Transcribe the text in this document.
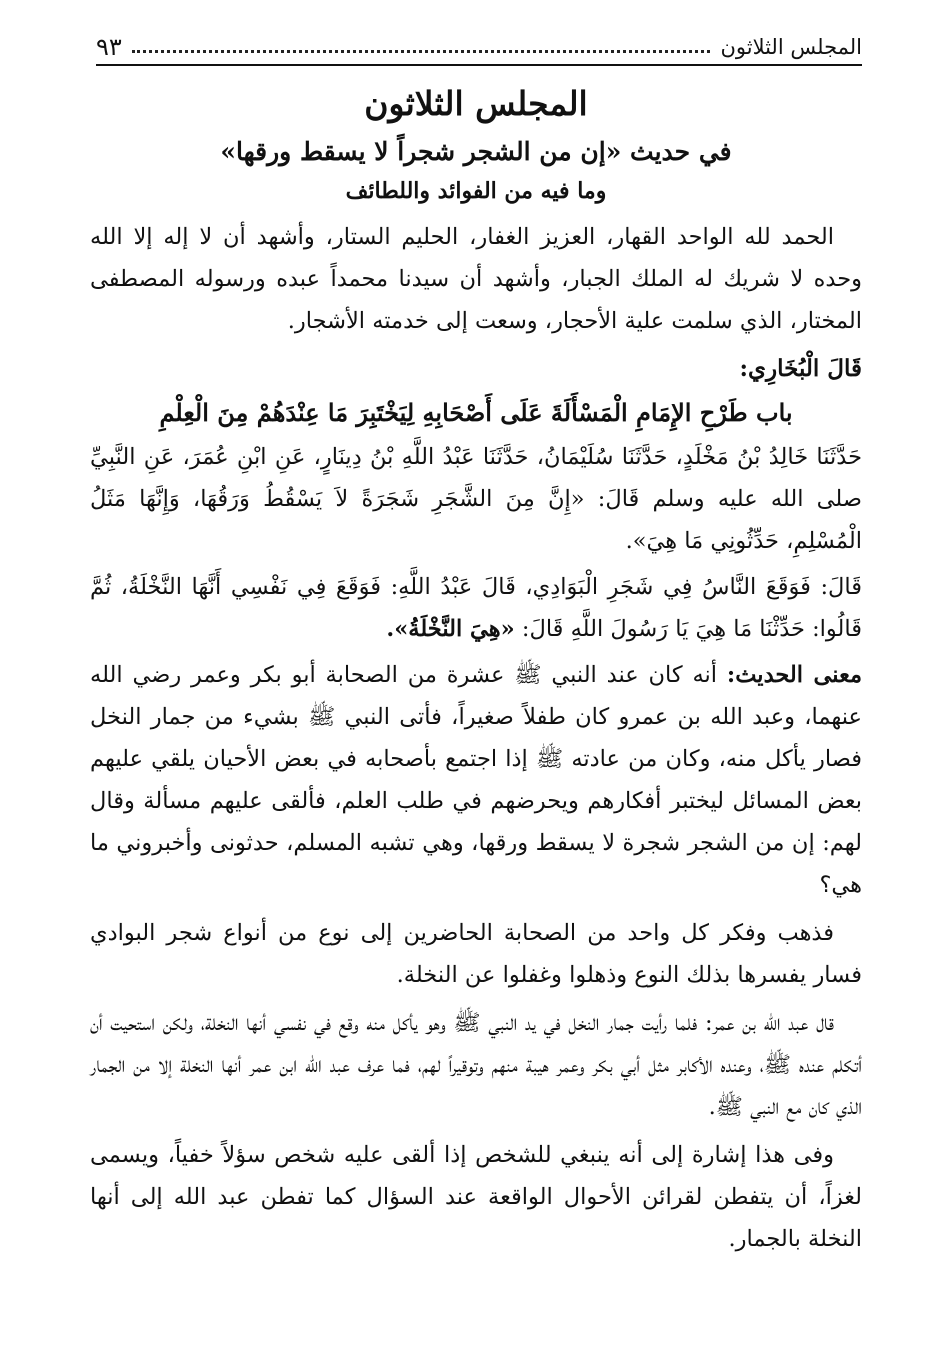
المجلس الثلاثون
٩٣
المجلس الثلاثون
في حديث «إن من الشجر شجراً لا يسقط ورقها»
وما فيه من الفوائد واللطائف

الحمد لله الواحد القهار، العزيز الغفار، الحليم الستار، وأشهد أن لا إله إلا الله وحده لا شريك له الملك الجبار، وأشهد أن سيدنا محمداً عبده ورسوله المصطفى المختار، الذي سلمت علية الأحجار، وسعت إلى خدمته الأشجار.

قَالَ الْبُخَارِي:
باب طَرْحِ الإِمَامِ الْمَسْأَلَةَ عَلَى أَصْحَابِهِ لِيَخْتَبِرَ مَا عِنْدَهُمْ مِنَ الْعِلْمِ

حَدَّثَنَا خَالِدُ بْنُ مَخْلَدٍ، حَدَّثَنَا سُلَيْمَانُ، حَدَّثَنَا عَبْدُ اللَّهِ بْنُ دِينَارٍ، عَنِ ابْنِ عُمَرَ، عَنِ النَّبِيِّ صلى الله عليه وسلم قَالَ: «إِنَّ مِنَ الشَّجَرِ شَجَرَةً لاَ يَسْقُطُ وَرَقُهَا، وَإِنَّهَا مَثَلُ الْمُسْلِمِ، حَدِّثُونِي مَا هِيَ».

قَالَ: فَوَقَعَ النَّاسُ فِي شَجَرِ الْبَوَادِي، قَالَ عَبْدُ اللَّهِ: فَوَقَعَ فِي نَفْسِي أَنَّهَا النَّخْلَةُ، ثُمَّ قَالُوا: حَدِّثْنَا مَا هِيَ يَا رَسُولَ اللَّهِ قَالَ: «هِيَ النَّخْلَةُ».

معنى الحديث: أنه كان عند النبي ﷺ عشرة من الصحابة أبو بكر وعمر رضي الله عنهما، وعبد الله بن عمرو كان طفلاً صغيراً، فأتى النبي ﷺ بشيء من جمار النخل فصار يأكل منه، وكان من عادته ﷺ إذا اجتمع بأصحابه في بعض الأحيان يلقي عليهم بعض المسائل ليختبر أفكارهم ويحرضهم في طلب العلم، فألقى عليهم مسألة وقال لهم: إن من الشجر شجرة لا يسقط ورقها، وهي تشبه المسلم، حدثونى وأخبروني ما هي؟

فذهب وفكر كل واحد من الصحابة الحاضرين إلى نوع من أنواع شجر البوادي فسار يفسرها بذلك النوع وذهلوا وغفلوا عن النخلة.

قال عبد الله بن عمر: فلما رأيت جمار النخل في يد النبي ﷺ وهو يأكل منه وقع في نفسي أنها النخلة، ولكن استحيت أن أتكلم عنده ﷺ، وعنده الأكابر مثل أبي بكر وعمر هيبة منهم وتوقيراً لهم، فما عرف عبد الله ابن عمر أنها النخلة إلا من الجمار الذي كان مع النبي ﷺ.

وفى هذا إشارة إلى أنه ينبغي للشخص إذا ألقى عليه شخص سؤلاً خفياً، ويسمى لغزاً، أن يتفطن لقرائن الأحوال الواقعة عند السؤال كما تفطن عبد الله إلى أنها النخلة بالجمار.
